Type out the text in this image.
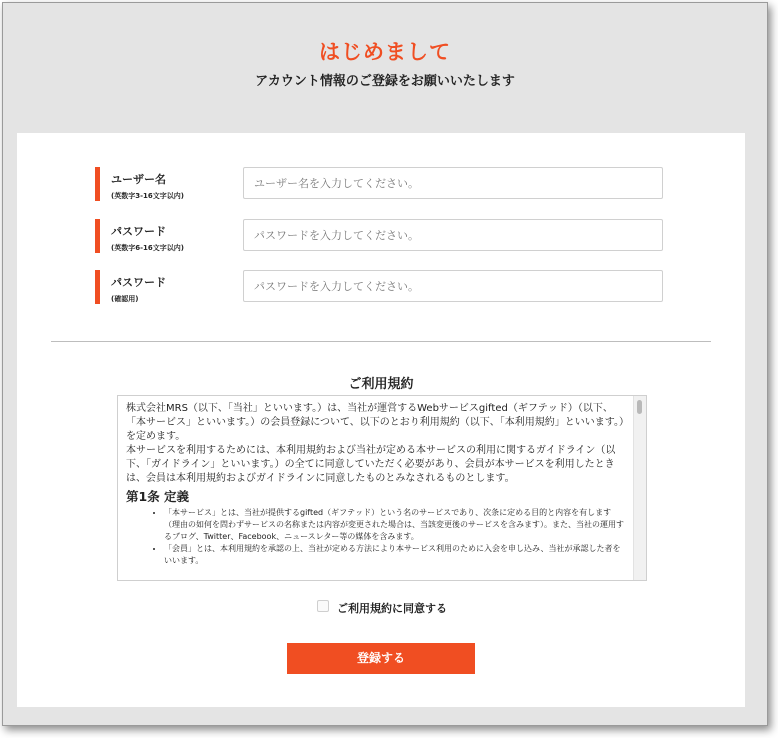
はじめまして
アカウント情報のご登録をお願いいたします
ユーザー名
(英数字3-16文字以内)
ユーザー名を入力してください。
パスワード
(英数字6-16文字以内)
パスワード
(確認用)
ご利用規約

株式会社MRS（以下、「当社」といいます。）は、当社が運営するWebサービスgifted（ギフテッド）（以下、「本サービス」といいます。）の会員登録について、以下のとおり利用規約（以下、「本利用規約」といいます。）を定めます。

本サービスを利用するためには、本利用規約および当社が定める本サービスの利用に関するガイドライン（以下、「ガイドライン」といいます。）の全てに同意していただく必要があり、会員が本サービスを利用したときは、会員は本利用規約およびガイドラインに同意したものとみなされるものとします。

第1条 定義
• 「本サービス」とは、当社が提供するgifted（ギフテッド）という名のサービスであり、次条に定める目的と内容を有します（理由の如何を問わずサービスの名称または内容が変更された場合は、当該変更後のサービスを含みます）。また、当社の運用するブログ、Twitter、Facebook、ニュースレター等の媒体を含みます。
• 「会員」とは、本利用規約を承認の上、当社が定める方法により本サービス利用のために入会を申し込み、当社が承認した者をいいます。
ご利用規約に同意する
登録する
